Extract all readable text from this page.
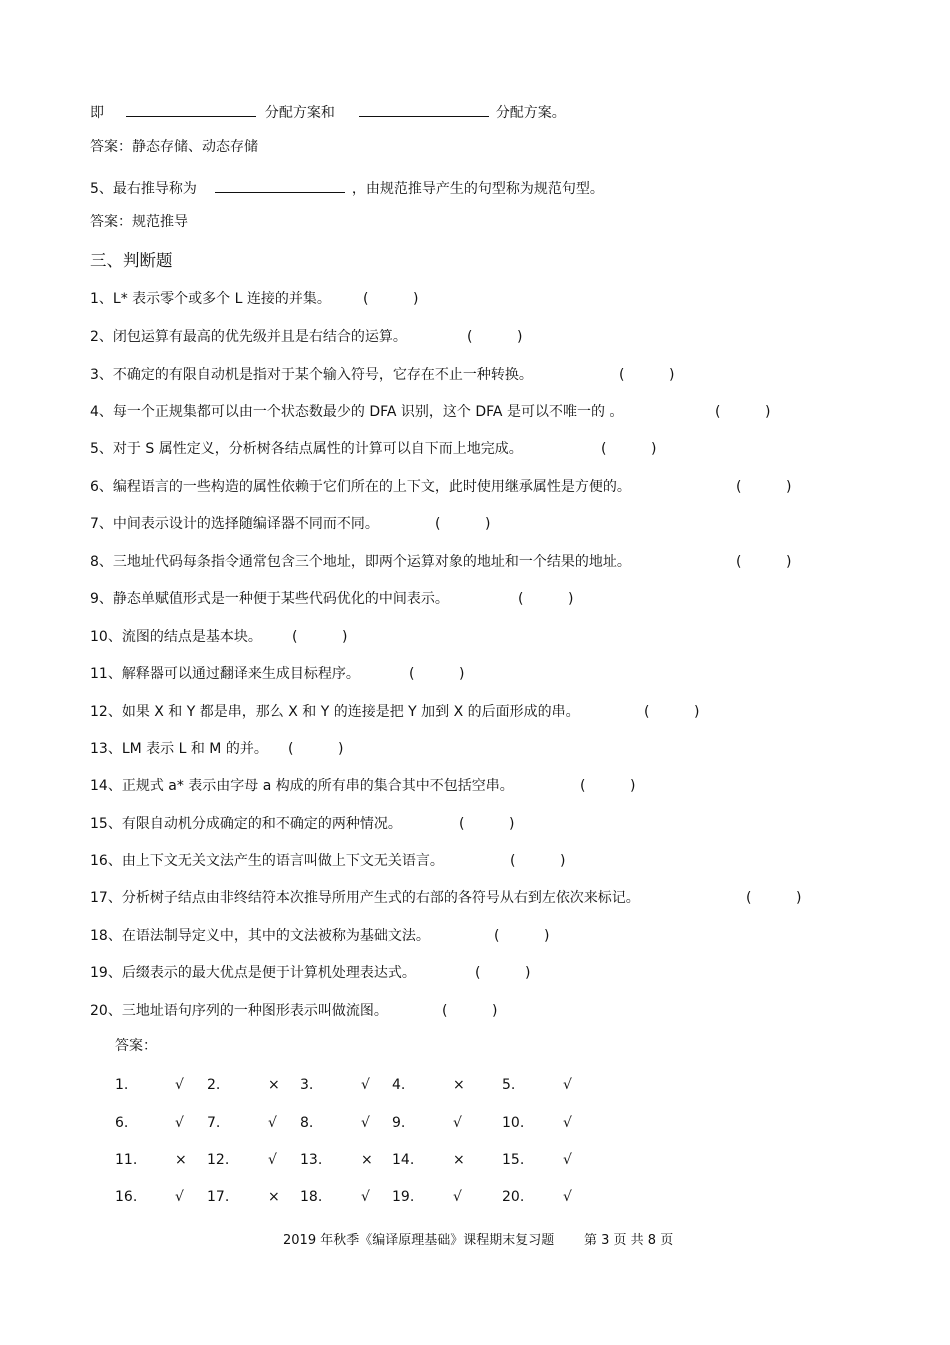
即	分配方案和	分配方案。
答案：静态存储、动态存储
5、最右推导称为	，由规范推导产生的句型称为规范句型。
答案：规范推导
三、判断题
1、L* 表示零个或多个 L 连接的并集。 (          )
2、闭包运算有最高的优先级并且是右结合的运算。	(          )
3、不确定的有限自动机是指对于某个输入符号，它存在不止一种转换。	(          )
4、每一个正规集都可以由一个状态数最少的 DFA 识别，这个 DFA 是可以不唯一的 。	(          )
5、对于 S 属性定义，分析树各结点属性的计算可以自下而上地完成。	(          )
6、编程语言的一些构造的属性依赖于它们所在的上下文，此时使用继承属性是方便的。	(          )
7、中间表示设计的选择随编译器不同而不同。	(          )
8、三地址代码每条指令通常包含三个地址，即两个运算对象的地址和一个结果的地址。	(          )
9、静态单赋值形式是一种便于某些代码优化的中间表示。	(          )
10、流图的结点是基本块。 (          )
11、解释器可以通过翻译来生成目标程序。	(          )
12、如果 X 和 Y 都是串，那么 X 和 Y 的连接是把 Y 加到 X 的后面形成的串。	(          )
13、LM 表示 L 和 M 的并。 (          )
14、正规式 a* 表示由字母 a 构成的所有串的集合其中不包括空串。	(          )
15、有限自动机分成确定的和不确定的两种情况。	(          )
16、由上下文无关文法产生的语言叫做上下文无关语言。	(          )
17、分析树子结点由非终结符本次推导所用产生式的右部的各符号从右到左依次来标记。	(          )
18、在语法制导定义中，其中的文法被称为基础文法。	(          )
19、后缀表示的最大优点是便于计算机处理表达式。	(          )
20、三地址语句序列的一种图形表示叫做流图。	(          )
答案：
1.	√ 2.	× 3.	√ 4.	×	5.	√
6.	√ 7.	√ 8.	√ 9.	√	10.	√
11.	× 12.	√ 13.	× 14.	×	15.	√
16.	√ 17.	× 18.	√ 19.	√	20.	√
2019 年秋季《编译原理基础》课程期末复习题 第 3 页 共 8 页
